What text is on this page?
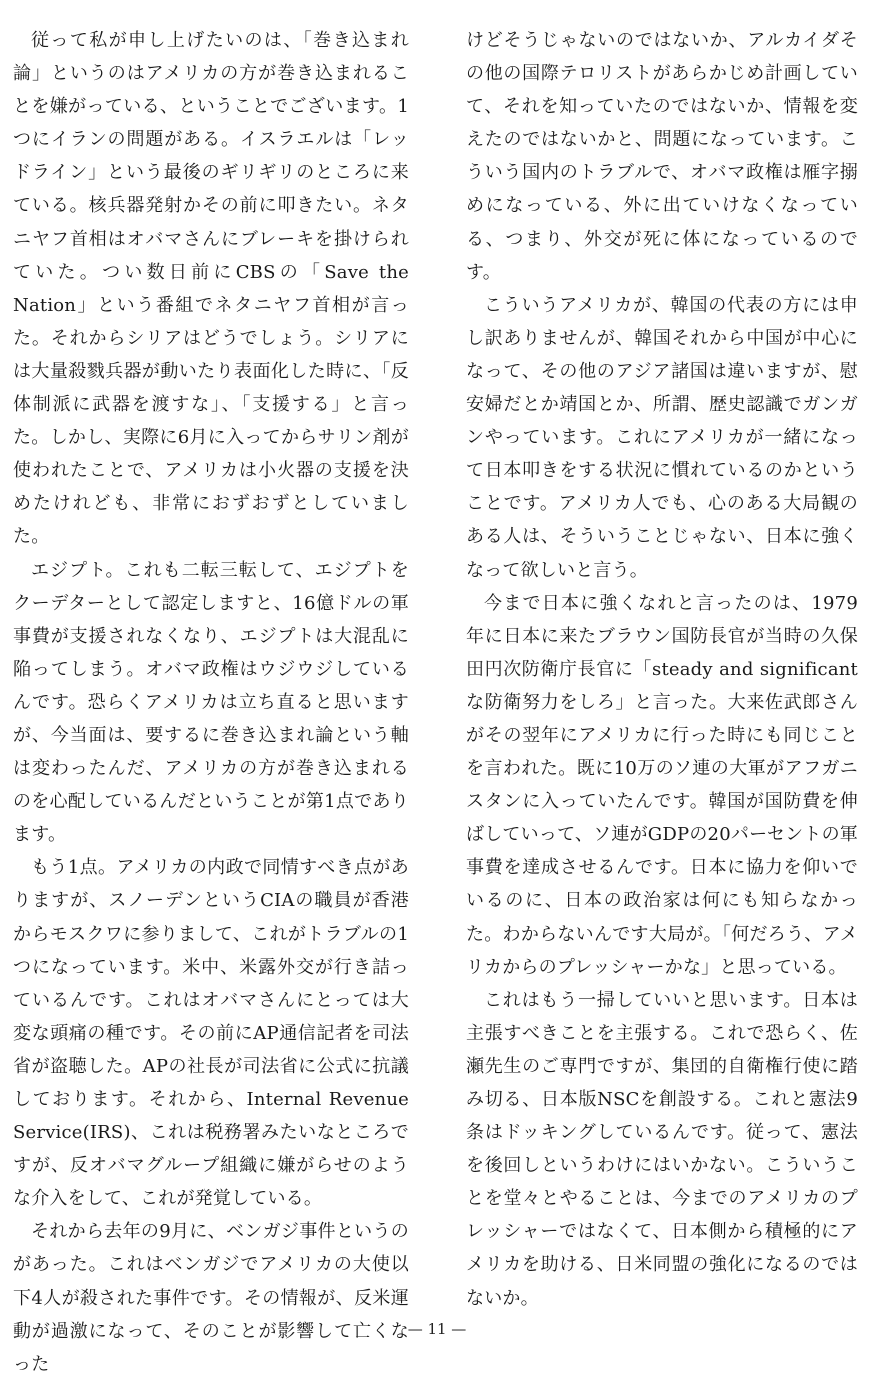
従って私が申し上げたいのは、「巻き込まれ論」というのはアメリカの方が巻き込まれることを嫌がっている、ということでございます。1つにイランの問題がある。イスラエルは「レッドライン」という最後のギリギリのところに来ている。核兵器発射かその前に叩きたい。ネタニヤフ首相はオバマさんにブレーキを掛けられていた。つい数日前にCBSの「Save the Nation」という番組でネタニヤフ首相が言った。それからシリアはどうでしょう。シリアには大量殺戮兵器が動いたり表面化した時に、「反体制派に武器を渡すな」、「支援する」と言った。しかし、実際に6月に入ってからサリン剤が使われたことで、アメリカは小火器の支援を決めたけれども、非常におずおずとしていました。

エジプト。これも二転三転して、エジプトをクーデターとして認定しますと、16億ドルの軍事費が支援されなくなり、エジプトは大混乱に陥ってしまう。オバマ政権はウジウジしているんです。恐らくアメリカは立ち直ると思いますが、今当面は、要するに巻き込まれ論という軸は変わったんだ、アメリカの方が巻き込まれるのを心配しているんだということが第1点であります。

もう1点。アメリカの内政で同情すべき点がありますが、スノーデンというCIAの職員が香港からモスクワに参りまして、これがトラブルの1つになっています。米中、米露外交が行き詰っているんです。これはオバマさんにとっては大変な頭痛の種です。その前にAP通信記者を司法省が盗聴した。APの社長が司法省に公式に抗議しております。それから、Internal Revenue Service(IRS)、これは税務署みたいなところですが、反オバマグループ組織に嫌がらせのような介入をして、これが発覚している。

それから去年の9月に、ベンガジ事件というのがあった。これはベンガジでアメリカの大使以下4人が殺された事件です。その情報が、反米運動が過激になって、そのことが影響して亡くなった

けどそうじゃないのではないか、アルカイダその他の国際テロリストがあらかじめ計画していて、それを知っていたのではないか、情報を変えたのではないかと、問題になっています。こういう国内のトラブルで、オバマ政権は雁字搦めになっている、外に出ていけなくなっている、つまり、外交が死に体になっているのです。

こういうアメリカが、韓国の代表の方には申し訳ありませんが、韓国それから中国が中心になって、その他のアジア諸国は違いますが、慰安婦だとか靖国とか、所謂、歴史認識でガンガンやっています。これにアメリカが一緒になって日本叩きをする状況に慣れているのかということです。アメリカ人でも、心のある大局観のある人は、そういうことじゃない、日本に強くなって欲しいと言う。

今まで日本に強くなれと言ったのは、1979年に日本に来たブラウン国防長官が当時の久保田円次防衛庁長官に「steady and significant な防衛努力をしろ」と言った。大来佐武郎さんがその翌年にアメリカに行った時にも同じことを言われた。既に10万のソ連の大軍がアフガニスタンに入っていたんです。韓国が国防費を伸ばしていって、ソ連がGDPの20パーセントの軍事費を達成させるんです。日本に協力を仰いでいるのに、日本の政治家は何にも知らなかった。わからないんです大局が。「何だろう、アメリカからのプレッシャーかな」と思っている。

これはもう一掃していいと思います。日本は主張すべきことを主張する。これで恐らく、佐瀬先生のご専門ですが、集団的自衛権行使に踏み切る、日本版NSCを創設する。これと憲法9条はドッキングしているんです。従って、憲法を後回しというわけにはいかない。こういうことを堂々とやることは、今までのアメリカのプレッシャーではなくて、日本側から積極的にアメリカを助ける、日米同盟の強化になるのではないか。

— 11 —
